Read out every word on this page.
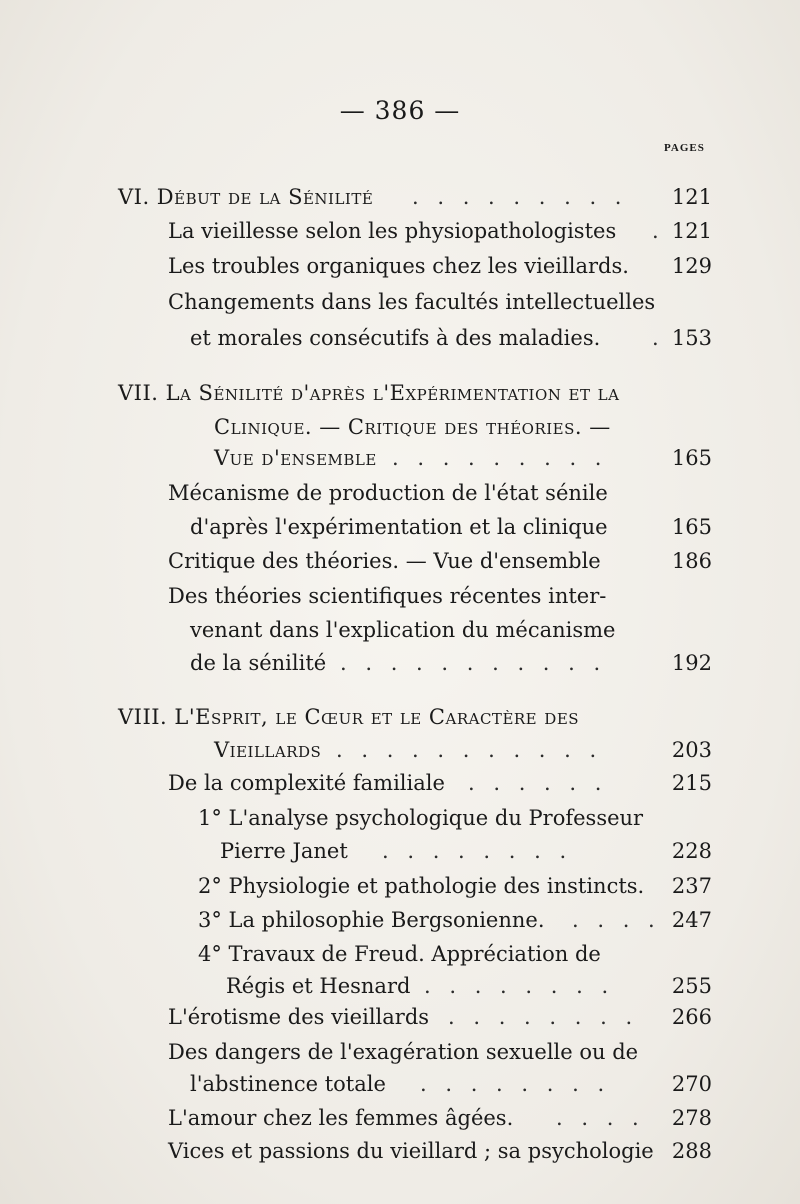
— 386 —
PAGES
VI. Début de la Sénilité . . . . . . . . . 121
La vieillesse selon les physiopathologistes . 121
Les troubles organiques chez les vieillards. 129
Changements dans les facultés intellectuelles
et morales consécutifs à des maladies. . 153
VII. La Sénilité d'après l'Expérimentation et la
Clinique. — Critique des théories. —
Vue d'ensemble . . . . . . . . .	165
Mécanisme de production de l'état sénile
d'après l'expérimentation et la clinique	165
Critique des théories. — Vue d'ensemble	186
Des théories scientifiques récentes inter-
venant dans l'explication du mécanisme
de la sénilité . . . . . . . . . . .	192
VIII. L'Esprit, le Cœur et le Caractère des
Vieillards . . . . . . . . . . .	203
De la complexité familiale . . . . . .	215
1° L'analyse psychologique du Professeur
Pierre Janet . . . . . . . .	228
2° Physiologie et pathologie des instincts. 237
3° La philosophie Bergsonienne. . . . . 247
4° Travaux de Freud. Appréciation de
Régis et Hesnard . . . . . . . .	255
L'érotisme des vieillards . . . . . . . . 266
Des dangers de l'exagération sexuelle ou de
l'abstinence totale . . . . . . . .	270
L'amour chez les femmes âgées. . . . . 278
Vices et passions du vieillard ; sa psychologie 288
